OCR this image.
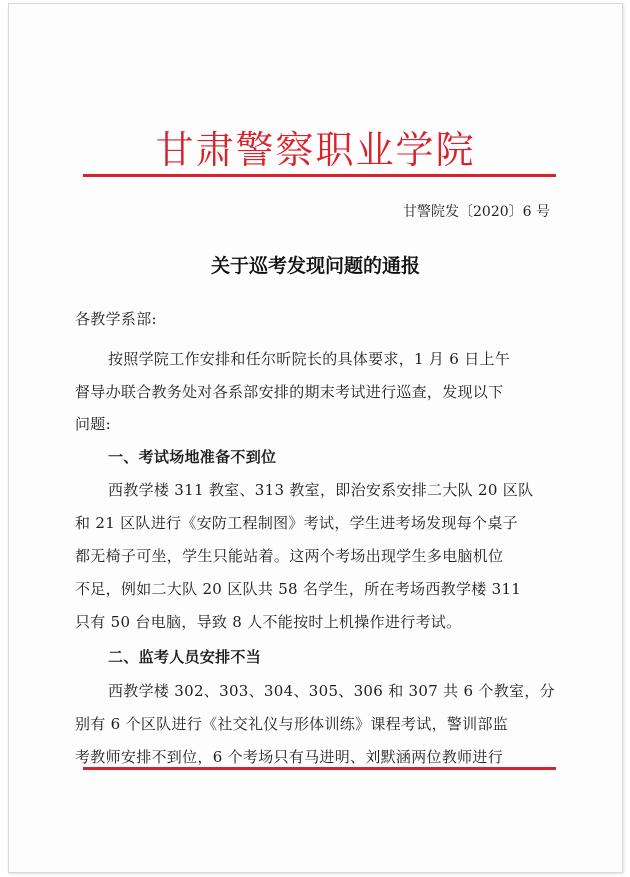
甘肃警察职业学院
甘警院发〔2020〕6 号
关于巡考发现问题的通报
各教学系部:
按照学院工作安排和任尔昕院长的具体要求，1 月 6 日上午
督导办联合教务处对各系部安排的期末考试进行巡查，发现以下
问题:
一、考试场地准备不到位
西教学楼 311 教室、313 教室，即治安系安排二大队 20 区队
和 21 区队进行《安防工程制图》考试，学生进考场发现每个桌子
都无椅子可坐，学生只能站着。这两个考场出现学生多电脑机位
不足，例如二大队 20 区队共 58 名学生，所在考场西教学楼 311
只有 50 台电脑，导致 8 人不能按时上机操作进行考试。
二、监考人员安排不当
西教学楼 302、303、304、305、306 和 307 共 6 个教室，分
别有 6 个区队进行《社交礼仪与形体训练》课程考试，警训部监
考教师安排不到位，6 个考场只有马进明、刘默涵两位教师进行
